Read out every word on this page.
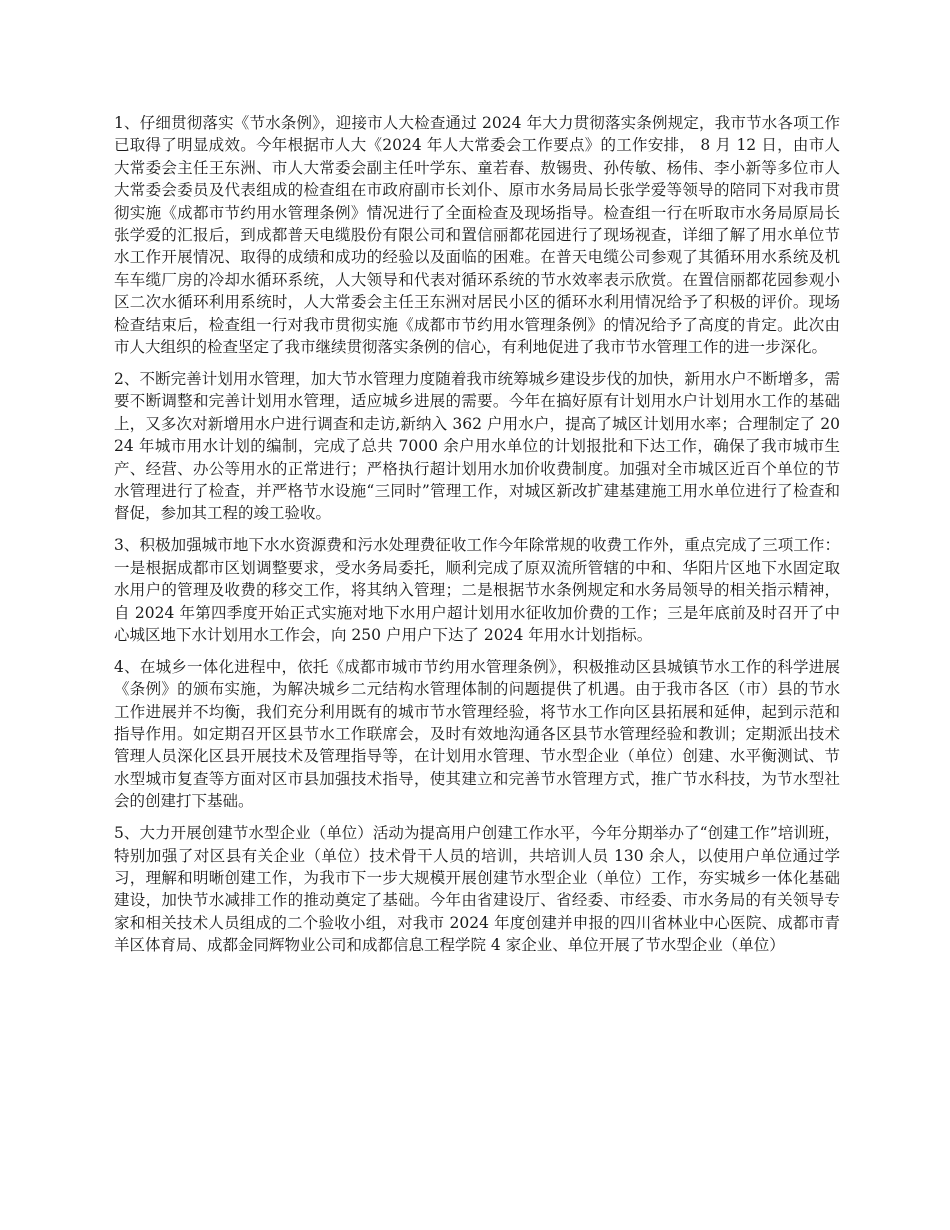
1、仔细贯彻落实《节水条例》，迎接市人大检查通过 2024 年大力贯彻落实条例规定，我市节水各项工作已取得了明显成效。今年根据市人大《2024 年人大常委会工作要点》的工作安排， 8 月 12 日，由市人大常委会主任王东洲、市人大常委会副主任叶学东、童若春、敖锡贵、孙传敏、杨伟、李小新等多位市人大常委会委员及代表组成的检查组在市政府副市长刘仆、原市水务局局长张学爱等领导的陪同下对我市贯彻实施《成都市节约用水管理条例》情况进行了全面检查及现场指导。检查组一行在听取市水务局原局长张学爱的汇报后，到成都普天电缆股份有限公司和置信丽都花园进行了现场视查，详细了解了用水单位节水工作开展情况、取得的成绩和成功的经验以及面临的困难。在普天电缆公司参观了其循环用水系统及机车车缆厂房的冷却水循环系统，人大领导和代表对循环系统的节水效率表示欣赏。在置信丽都花园参观小区二次水循环利用系统时，人大常委会主任王东洲对居民小区的循环水利用情况给予了积极的评价。现场检查结束后，检查组一行对我市贯彻实施《成都市节约用水管理条例》的情况给予了高度的肯定。此次由市人大组织的检查坚定了我市继续贯彻落实条例的信心，有利地促进了我市节水管理工作的进一步深化。

2、不断完善计划用水管理，加大节水管理力度随着我市统筹城乡建设步伐的加快，新用水户不断增多，需要不断调整和完善计划用水管理，适应城乡进展的需要。今年在搞好原有计划用水户计划用水工作的基础上，又多次对新增用水户进行调查和走访,新纳入 362 户用水户，提高了城区计划用水率；合理制定了 2024 年城市用水计划的编制，完成了总共 7000 余户用水单位的计划报批和下达工作，确保了我市城市生产、经营、办公等用水的正常进行；严格执行超计划用水加价收费制度。加强对全市城区近百个单位的节水管理进行了检查，并严格节水设施“三同时”管理工作，对城区新改扩建基建施工用水单位进行了检查和督促，参加其工程的竣工验收。

3、积极加强城市地下水水资源费和污水处理费征收工作今年除常规的收费工作外，重点完成了三项工作：一是根据成都市区划调整要求，受水务局委托，顺利完成了原双流所管辖的中和、华阳片区地下水固定取水用户的管理及收费的移交工作，将其纳入管理；二是根据节水条例规定和水务局领导的相关指示精神，自 2024 年第四季度开始正式实施对地下水用户超计划用水征收加价费的工作；三是年底前及时召开了中心城区地下水计划用水工作会，向 250 户用户下达了 2024 年用水计划指标。

4、在城乡一体化进程中，依托《成都市城市节约用水管理条例》，积极推动区县城镇节水工作的科学进展《条例》的颁布实施，为解决城乡二元结构水管理体制的问题提供了机遇。由于我市各区（市）县的节水工作进展并不均衡，我们充分利用既有的城市节水管理经验，将节水工作向区县拓展和延伸，起到示范和指导作用。如定期召开区县节水工作联席会，及时有效地沟通各区县节水管理经验和教训；定期派出技术管理人员深化区县开展技术及管理指导等，在计划用水管理、节水型企业（单位）创建、水平衡测试、节水型城市复查等方面对区市县加强技术指导，使其建立和完善节水管理方式，推广节水科技，为节水型社会的创建打下基础。

5、大力开展创建节水型企业（单位）活动为提高用户创建工作水平，今年分期举办了“创建工作”培训班，特别加强了对区县有关企业（单位）技术骨干人员的培训，共培训人员 130 余人，以使用户单位通过学习，理解和明晰创建工作，为我市下一步大规模开展创建节水型企业（单位）工作，夯实城乡一体化基础建设，加快节水减排工作的推动奠定了基础。今年由省建设厅、省经委、市经委、市水务局的有关领导专家和相关技术人员组成的二个验收小组，对我市 2024 年度创建并申报的四川省林业中心医院、成都市青羊区体育局、成都金同辉物业公司和成都信息工程学院 4 家企业、单位开展了节水型企业（单位）
